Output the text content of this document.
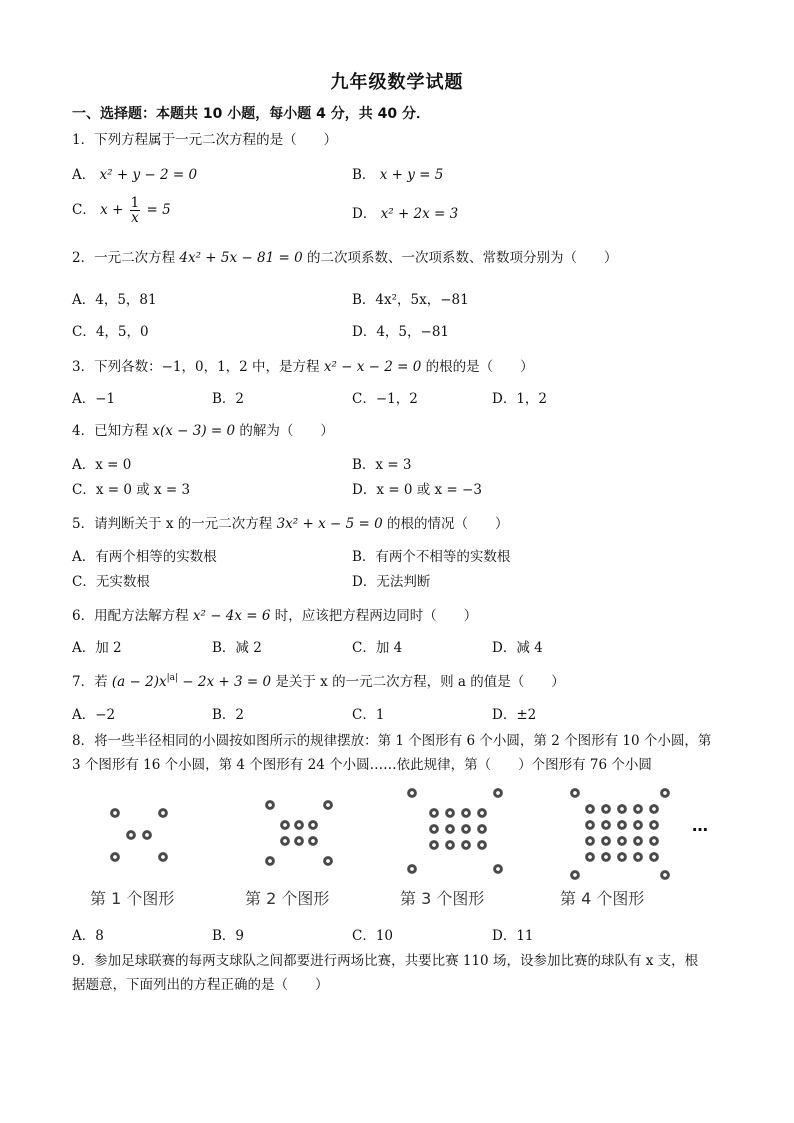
九年级数学试题
一、选择题：本题共 10 小题，每小题 4 分，共 40 分．
1．下列方程属于一元二次方程的是（　　）
A． x² + y − 2 = 0	B． x + y = 5
C． $x + \frac{1}{x} = 5$	D． x² + 2x = 3
2．一元二次方程 4x² + 5x − 81 = 0 的二次项系数、一次项系数、常数项分别为（　　）
A．4，5，81	B．4x²，5x，−81
C．4，5，0	D．4，5，−81
3．下列各数：−1，0，1，2 中，是方程 x² − x − 2 = 0 的根的是（　　）
A．−1	B．2	C．−1，2	D．1，2
4．已知方程 x(x − 3) = 0 的解为（　　）
A．x = 0	B．x = 3
C．x = 0 或 x = 3	D．x = 0 或 x = −3
5．请判断关于 x 的一元二次方程 3x² + x − 5 = 0 的根的情况（　　）
A．有两个相等的实数根	B．有两个不相等的实数根
C．无实数根	D．无法判断
6．用配方法解方程 x² − 4x = 6 时，应该把方程两边同时（　　）
A．加 2	B．减 2	C．加 4	D．减 4
7．若 $(a - 2)x^{|a|} - 2x + 3 = 0$ 是关于 x 的一元二次方程，则 a 的值是（　　）
A．−2	B．2	C．1	D．±2
8．将一些半径相同的小圆按如图所示的规律摆放：第 1 个图形有 6 个小圆，第 2 个图形有 10 个小圆，第
3 个图形有 16 个小圆，第 4 个图形有 24 个小圆……依此规律，第（　　）个图形有 76 个小圆
第 1 个图形	第 2 个图形	第 3 个图形	第 4 个图形
…
A．8	B．9	C．10	D．11
9．参加足球联赛的每两支球队之间都要进行两场比赛，共要比赛 110 场，设参加比赛的球队有 x 支，根
据题意，下面列出的方程正确的是（　　）
